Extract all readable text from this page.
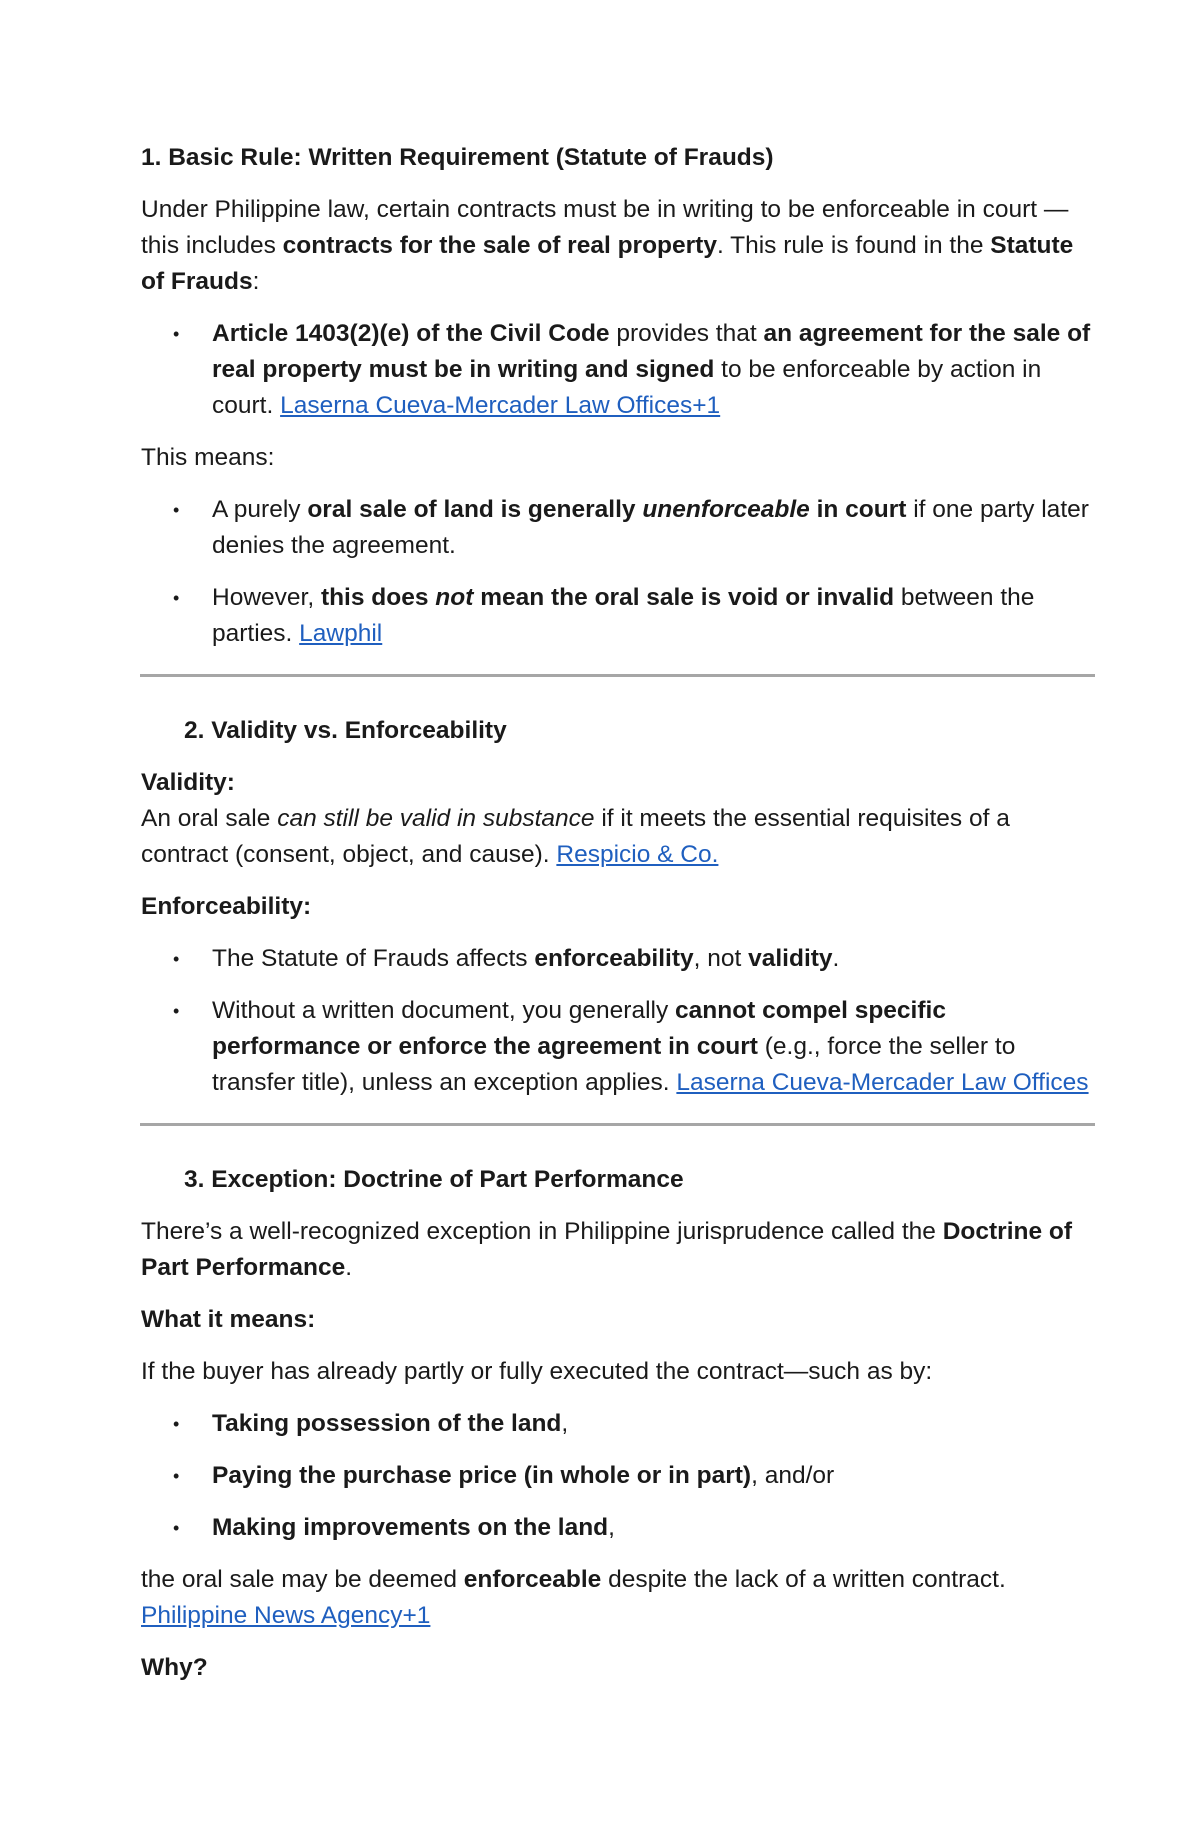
1. Basic Rule: Written Requirement (Statute of Frauds)

Under Philippine law, certain contracts must be in writing to be enforceable in court —this includes contracts for the sale of real property. This rule is found in the Statute of Frauds:

• Article 1403(2)(e) of the Civil Code provides that an agreement for the sale of real property must be in writing and signed to be enforceable by action in court. Laserna Cueva-Mercader Law Offices+1

This means:

• A purely oral sale of land is generally unenforceable in court if one party later denies the agreement.
• However, this does not mean the oral sale is void or invalid between the parties. Lawphil
2. Validity vs. Enforceability

Validity:
An oral sale can still be valid in substance if it meets the essential requisites of a contract (consent, object, and cause). Respicio & Co.

Enforceability:

• The Statute of Frauds affects enforceability, not validity.
• Without a written document, you generally cannot compel specific performance or enforce the agreement in court (e.g., force the seller to transfer title), unless an exception applies. Laserna Cueva-Mercader Law Offices
3. Exception: Doctrine of Part Performance

There’s a well-recognized exception in Philippine jurisprudence called the Doctrine of Part Performance.

What it means:

If the buyer has already partly or fully executed the contract—such as by:

• Taking possession of the land,
• Paying the purchase price (in whole or in part), and/or
• Making improvements on the land,

the oral sale may be deemed enforceable despite the lack of a written contract.
Philippine News Agency+1

Why?
